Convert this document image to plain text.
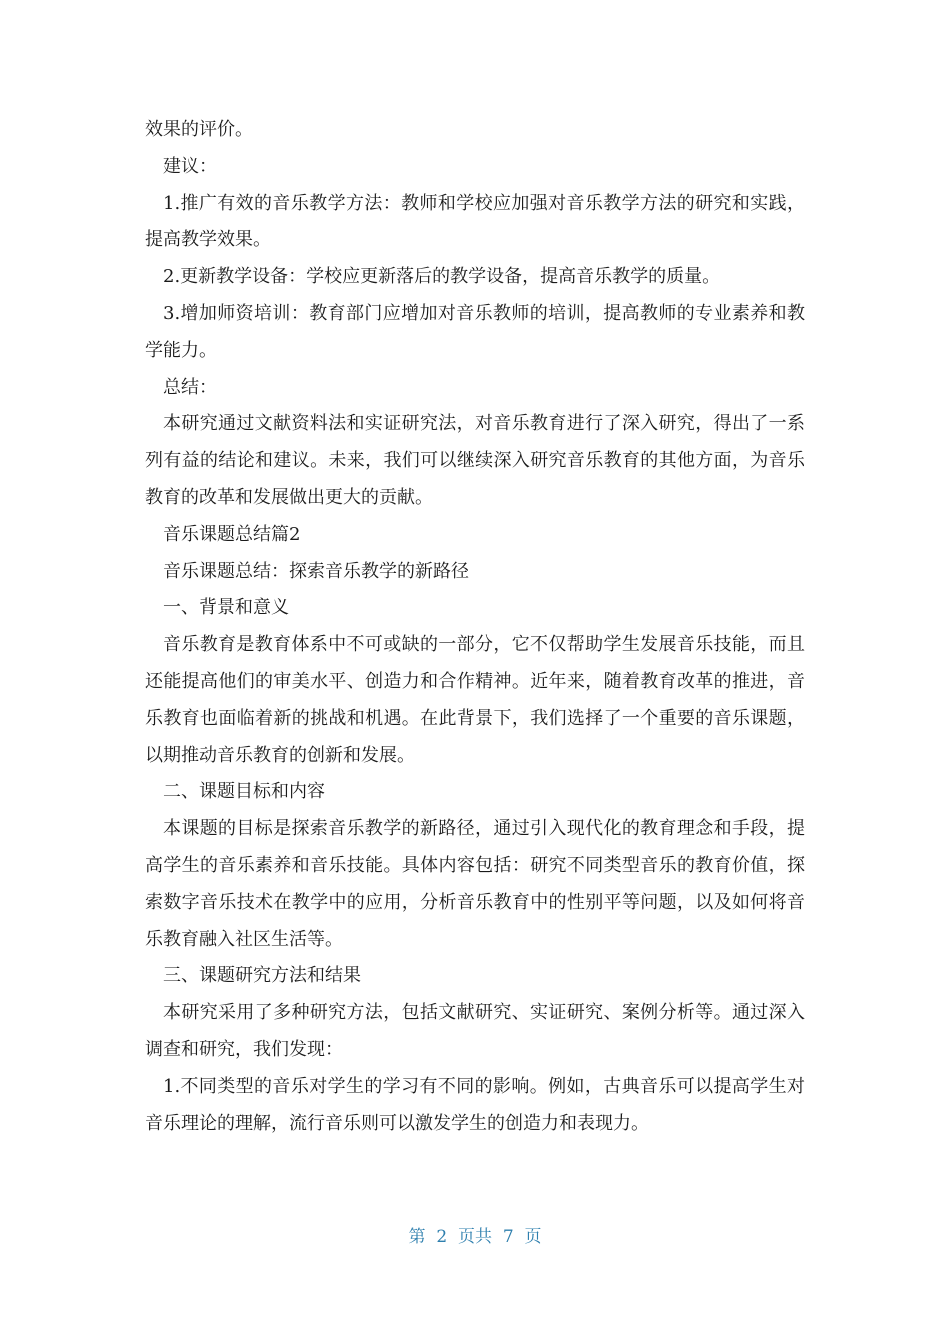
效果的评价。

建议：

1.推广有效的音乐教学方法：教师和学校应加强对音乐教学方法的研究和实践，提高教学效果。

2.更新教学设备：学校应更新落后的教学设备，提高音乐教学的质量。

3.增加师资培训：教育部门应增加对音乐教师的培训，提高教师的专业素养和教学能力。

总结：

本研究通过文献资料法和实证研究法，对音乐教育进行了深入研究，得出了一系列有益的结论和建议。未来，我们可以继续深入研究音乐教育的其他方面，为音乐教育的改革和发展做出更大的贡献。

音乐课题总结篇2

音乐课题总结：探索音乐教学的新路径

一、背景和意义

音乐教育是教育体系中不可或缺的一部分，它不仅帮助学生发展音乐技能，而且还能提高他们的审美水平、创造力和合作精神。近年来，随着教育改革的推进，音乐教育也面临着新的挑战和机遇。在此背景下，我们选择了一个重要的音乐课题，以期推动音乐教育的创新和发展。

二、课题目标和内容

本课题的目标是探索音乐教学的新路径，通过引入现代化的教育理念和手段，提高学生的音乐素养和音乐技能。具体内容包括：研究不同类型音乐的教育价值，探索数字音乐技术在教学中的应用，分析音乐教育中的性别平等问题，以及如何将音乐教育融入社区生活等。

三、课题研究方法和结果

本研究采用了多种研究方法，包括文献研究、实证研究、案例分析等。通过深入调查和研究，我们发现：

1.不同类型的音乐对学生的学习有不同的影响。例如，古典音乐可以提高学生对音乐理论的理解，流行音乐则可以激发学生的创造力和表现力。

第 2 页共 7 页
